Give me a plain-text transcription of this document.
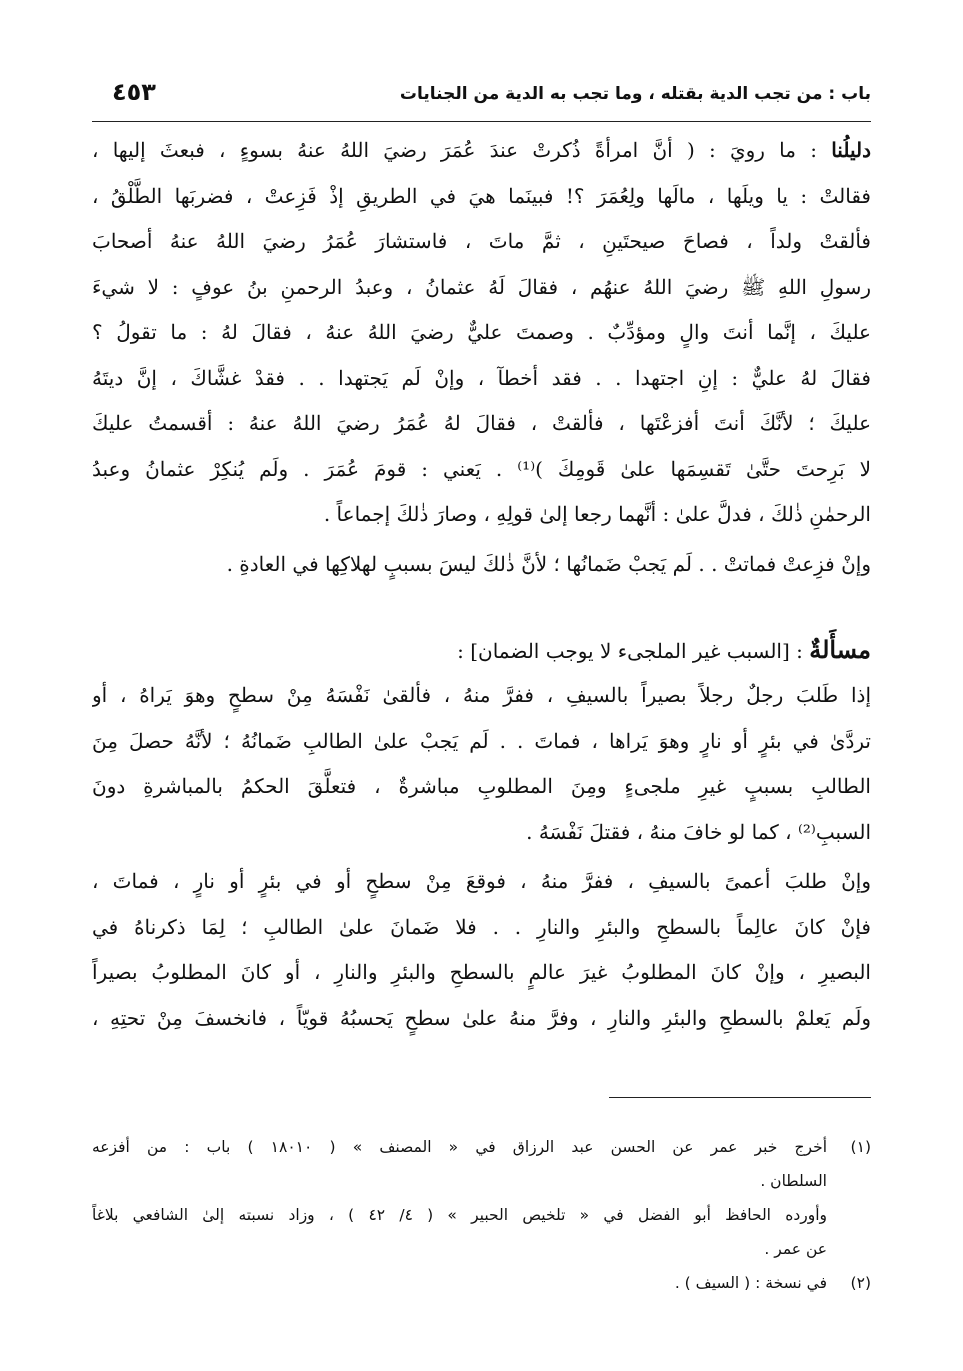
باب : من تجب الدية بقتله ، وما تجب به الدية من الجنايات
٤٥٣
دليلُنا : ما رويَ : ( أنَّ امرأةً ذُكرتْ عندَ عُمَرَ رضيَ اللهُ عنهُ بسوءٍ ، فبعثَ إليها ،
فقالتْ : يا ويلَها ، مالَها ولِعُمَرَ ؟! فبينَما هيَ في الطريقِ إذْ فَزِعتْ ، فضربَها الطَّلْقُ ،
فألقتْ ولداً ، فصاحَ صيحتَينِ ، ثمَّ ماتَ ، فاستشارَ عُمَرُ رضيَ اللهُ عنهُ أصحابَ
رسولِ اللهِ ﷺ رضيَ اللهُ عنهُم ، فقالَ لَهُ عثمانُ ، وعبدُ الرحمنِ بنُ عوفٍ : لا شيءَ
عليكَ ، إنَّما أنتَ والٍ ومؤدِّبٌ . وصمتَ عليٌّ رضيَ اللهُ عنهُ ، فقالَ لهُ : ما تقولُ ؟
فقالَ لهُ عليٌّ : إنِ اجتهدا . . فقد أخطآ ، وإنْ لَم يَجتهدا . . فقدْ غشَّاكَ ، إنَّ ديتَهُ
عليكَ ؛ لأنَّكَ أنتَ أفزعْتَها ، فألقتْ ، فقالَ لهُ عُمَرُ رضيَ اللهُ عنهُ : أقسمتُ عليكَ
لا بَرِحتَ حتَّىٰ تَقسِمَها علىٰ قَومِكَ )⁽¹⁾ . يَعني : قومَ عُمَرَ . ولَم يُنكِرْ عثمانُ وعبدُ
الرحمٰنِ ذٰلكَ ، فدلَّ علىٰ : أنَّهما رجعا إلىٰ قولِهِ ، وصارَ ذٰلكَ إجماعاً .
وإنْ فزِعتْ فماتتْ . . لَم يَجبْ ضَمانُها ؛ لأنَّ ذٰلكَ ليسَ بسببٍ لهلاكِها في العادةِ .
مسأَلةٌ : [السبب غير الملجىء لا يوجب الضمان] :
إذا طَلبَ رجلٌ رجلاً بصيراً بالسيفِ ، ففرَّ منهُ ، فألقىٰ نَفْسَهُ مِنْ سطحٍ وهوَ يَراهُ ، أو
تردَّىٰ في بئرٍ أو نارٍ وهوَ يَراها ، فماتَ . . لَم يَجبْ علىٰ الطالبِ ضَمانُهُ ؛ لأنَّهُ حصلَ مِنَ
الطالبِ بسببٍ غيرِ ملجىءٍ ومِنَ المطلوبِ مباشرةٌ ، فتعلَّقَ الحكمُ بالمباشرةِ دونَ
السببِ⁽²⁾ ، كما لو خافَ منهُ ، فقتلَ نَفْسَهُ .
وإنْ طلبَ أعمىً بالسيفِ ، ففرَّ منهُ ، فوقعَ مِنْ سطحٍ أو في بئرٍ أو نارٍ ، فماتَ ،
فإنْ كانَ عالِماً بالسطحِ والبئرِ والنارِ . . فلا ضَمانَ علىٰ الطالبِ ؛ لِمَا ذكرناهُ في
البصيرِ ، وإنْ كانَ المطلوبُ غيرَ عالمٍ بالسطحِ والبئرِ والنارِ ، أو كانَ المطلوبُ بصيراً
ولَم يَعلمْ بالسطحِ والبئرِ والنارِ ، وفرَّ منهُ علىٰ سطحٍ يَحسبُهُ قويّاً ، فانخسفَ مِنْ تحتِهِ ،
(١)
أخرج خبر عمر عن الحسن عبد الرزاق في « المصنف » ( ١٨٠١٠ ) باب : من أفزعه
السلطان .
وأورده الحافظ أبو الفضل في « تلخيص الحبير » ( ٤/ ٤٢ ) ، وزاد نسبته إلىٰ الشافعي بلاغاً
عن عمر .
(٢)
في نسخة : ( السيف ) .
